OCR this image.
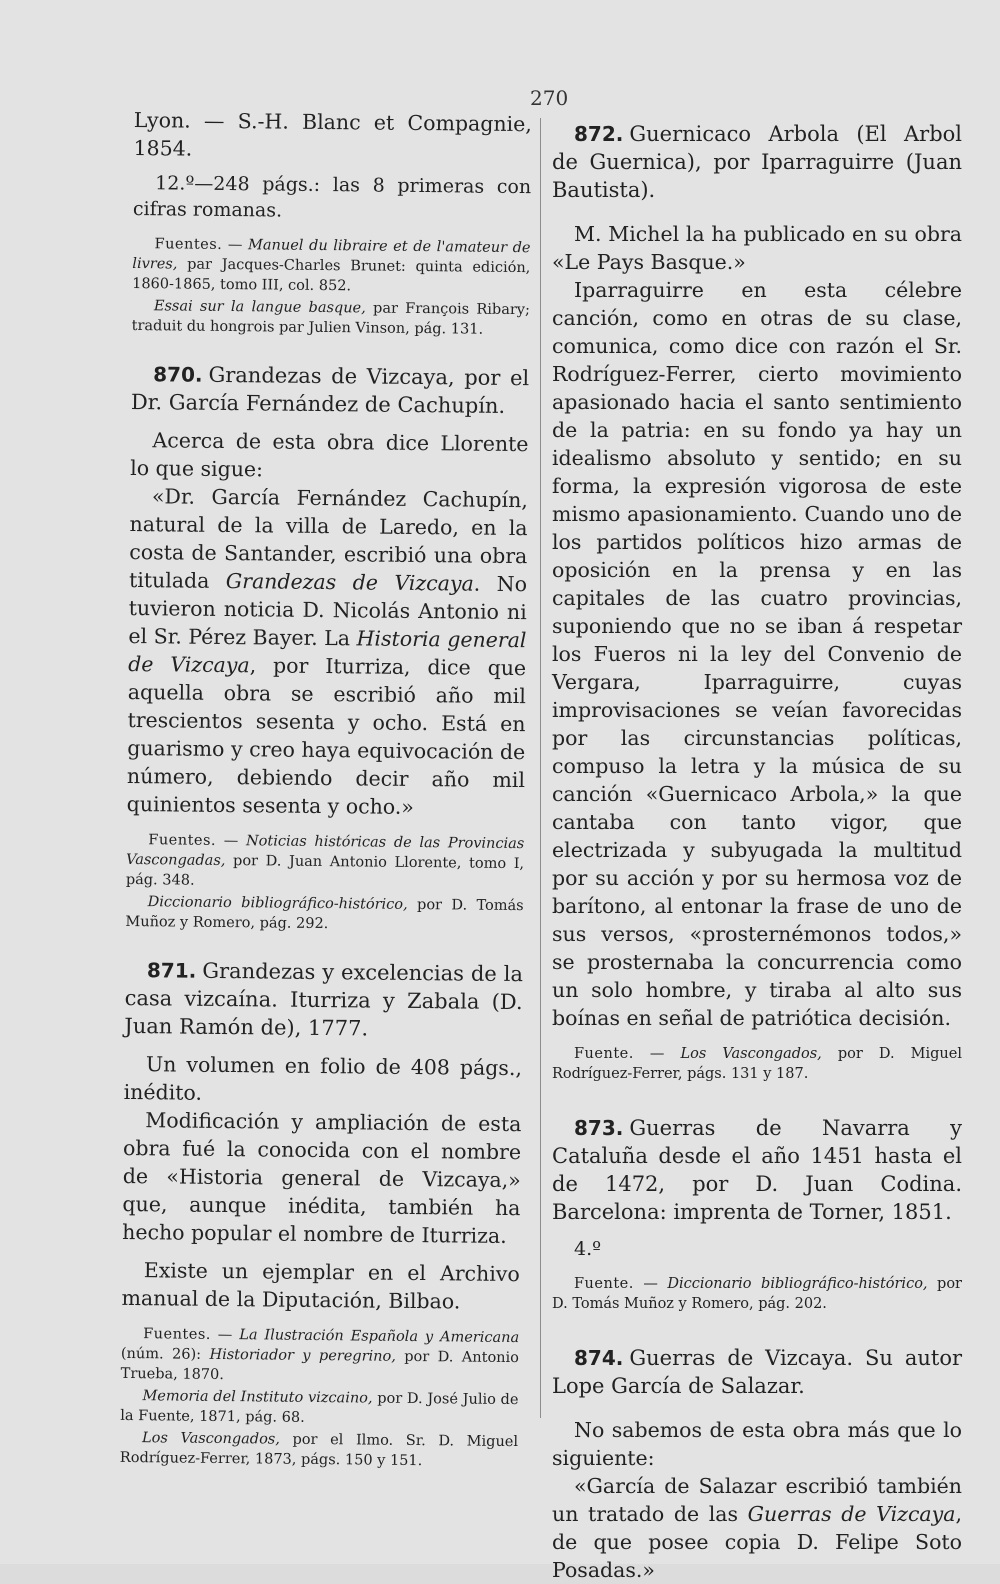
270

Lyon. — S.-H. Blanc et Compagnie, 1854.

12.º—248 págs.: las 8 primeras con cifras romanas.

Fuentes. — Manuel du libraire et de l'amateur de livres, par Jacques-Charles Brunet: quinta edición, 1860-1865, tomo III, col. 852.

Essai sur la langue basque, par François Ribary; traduit du hongrois par Julien Vinson, pág. 131.

870. Grandezas de Vizcaya, por el Dr. García Fernández de Cachupín.

Acerca de esta obra dice Llorente lo que sigue:

«Dr. García Fernández Cachupín, natural de la villa de Laredo, en la costa de Santander, escribió una obra titulada Grandezas de Vizcaya. No tuvieron noticia D. Nicolás Antonio ni el Sr. Pérez Bayer. La Historia general de Vizcaya, por Iturriza, dice que aquella obra se escribió año mil trescientos sesenta y ocho. Está en guarismo y creo haya equivocación de número, debiendo decir año mil quinientos sesenta y ocho.»

Fuentes. — Noticias históricas de las Provincias Vascongadas, por D. Juan Antonio Llorente, tomo I, pág. 348.

Diccionario bibliográfico-histórico, por D. Tomás Muñoz y Romero, pág. 292.

871. Grandezas y excelencias de la casa vizcaína. Iturriza y Zabala (D. Juan Ramón de), 1777.

Un volumen en folio de 408 págs., inédito.

Modificación y ampliación de esta obra fué la conocida con el nombre de «Historia general de Vizcaya,» que, aunque inédita, también ha hecho popular el nombre de Iturriza.

Existe un ejemplar en el Archivo manual de la Diputación, Bilbao.

Fuentes. — La Ilustración Española y Americana (núm. 26): Historiador y peregrino, por D. Antonio Trueba, 1870.

Memoria del Instituto vizcaino, por D. José Julio de la Fuente, 1871, pág. 68.

Los Vascongados, por el Ilmo. Sr. D. Miguel Rodríguez-Ferrer, 1873, págs. 150 y 151.

872. Guernicaco Arbola (El Arbol de Guernica), por Iparraguirre (Juan Bautista).

M. Michel la ha publicado en su obra «Le Pays Basque.»

Iparraguirre en esta célebre canción, como en otras de su clase, comunica, como dice con razón el Sr. Rodríguez-Ferrer, cierto movimiento apasionado hacia el santo sentimiento de la patria: en su fondo ya hay un idealismo absoluto y sentido; en su forma, la expresión vigorosa de este mismo apasionamiento. Cuando uno de los partidos políticos hizo armas de oposición en la prensa y en las capitales de las cuatro provincias, suponiendo que no se iban á respetar los Fueros ni la ley del Convenio de Vergara, Iparraguirre, cuyas improvisaciones se veían favorecidas por las circunstancias políticas, compuso la letra y la música de su canción «Guernicaco Arbola,» la que cantaba con tanto vigor, que electrizada y subyugada la multitud por su acción y por su hermosa voz de barítono, al entonar la frase de uno de sus versos, «prosternémonos todos,» se prosternaba la concurrencia como un solo hombre, y tiraba al alto sus boínas en señal de patriótica decisión.

Fuente. — Los Vascongados, por D. Miguel Rodríguez-Ferrer, págs. 131 y 187.

873. Guerras de Navarra y Cataluña desde el año 1451 hasta el de 1472, por D. Juan Codina. Barcelona: imprenta de Torner, 1851.

4.º

Fuente. — Diccionario bibliográfico-histórico, por D. Tomás Muñoz y Romero, pág. 202.

874. Guerras de Vizcaya. Su autor Lope García de Salazar.

No sabemos de esta obra más que lo siguiente:

«García de Salazar escribió también un tratado de las Guerras de Vizcaya, de que posee copia D. Felipe Soto Posadas.»
